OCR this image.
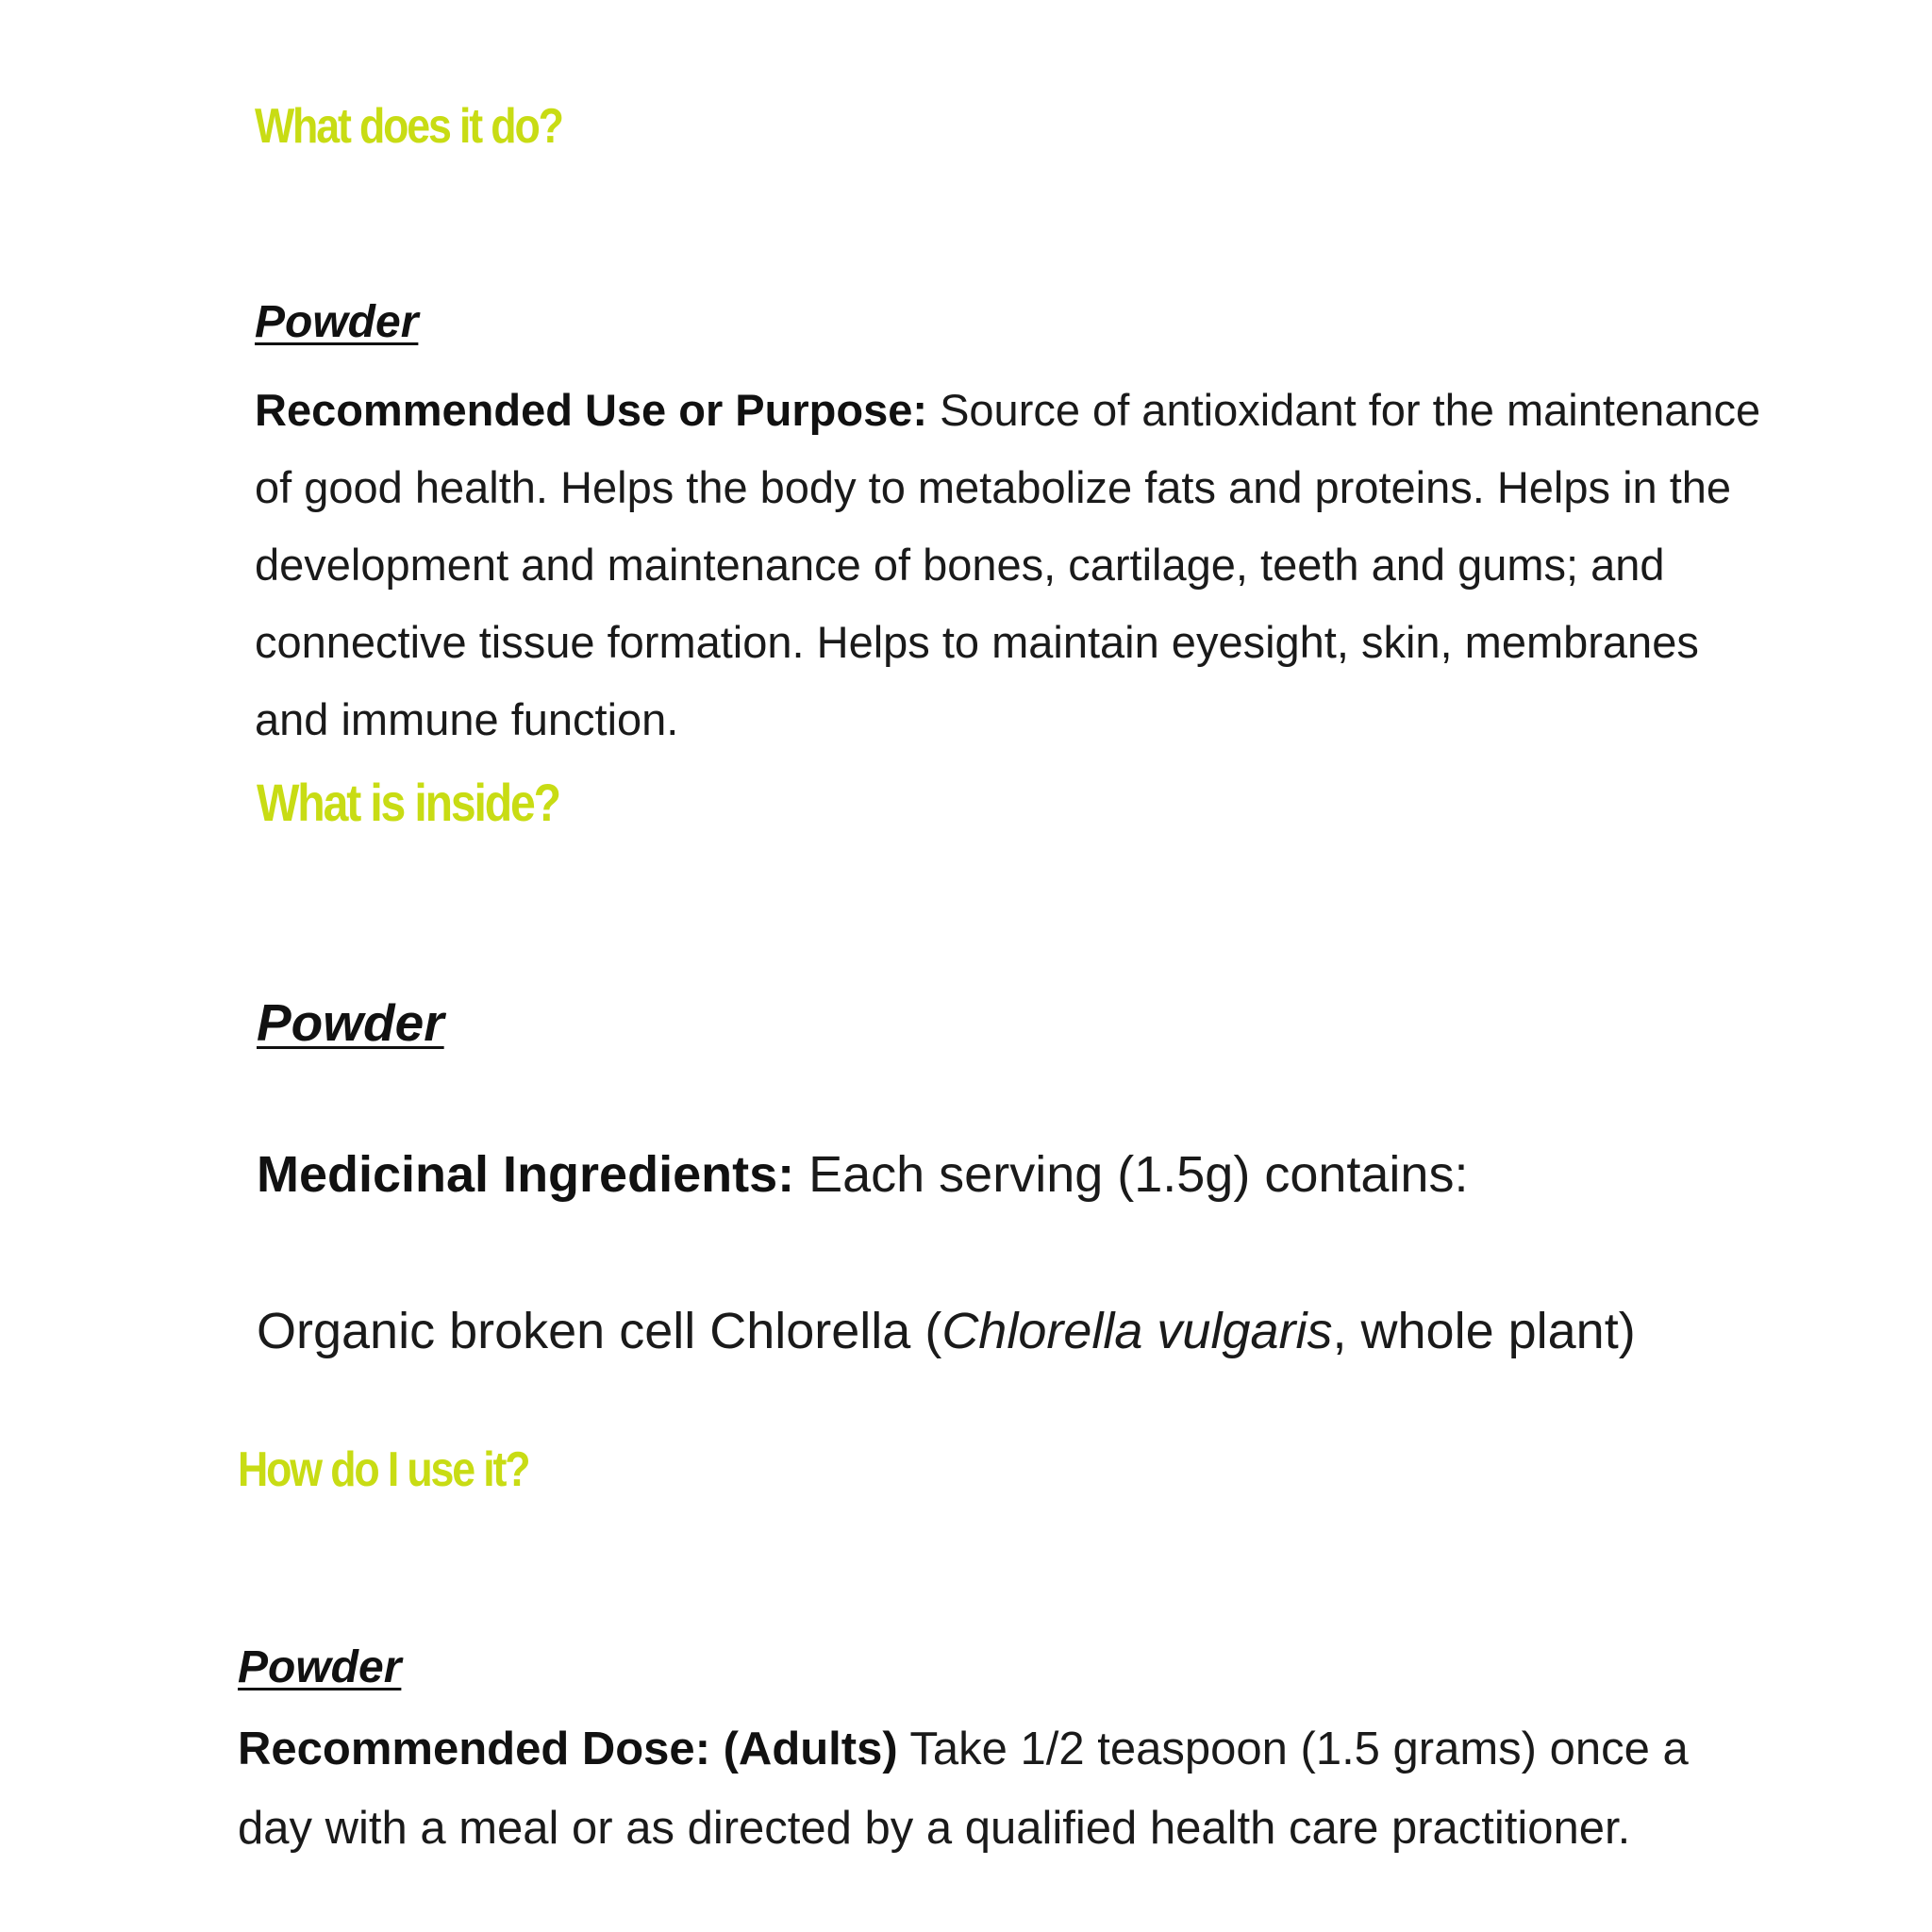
What does it do?
Powder

Recommended Use or Purpose: Source of antioxidant for the maintenance of good health. Helps the body to metabolize fats and proteins. Helps in the development and maintenance of bones, cartilage, teeth and gums; and connective tissue formation. Helps to maintain eyesight, skin, membranes and immune function.

What is inside?
Powder

Medicinal Ingredients: Each serving (1.5g) contains:

Organic broken cell Chlorella (Chlorella vulgaris, whole plant)

How do I use it?
Powder

Recommended Dose: (Adults) Take 1/2 teaspoon (1.5 grams) once a day with a meal or as directed by a qualified health care practitioner.
